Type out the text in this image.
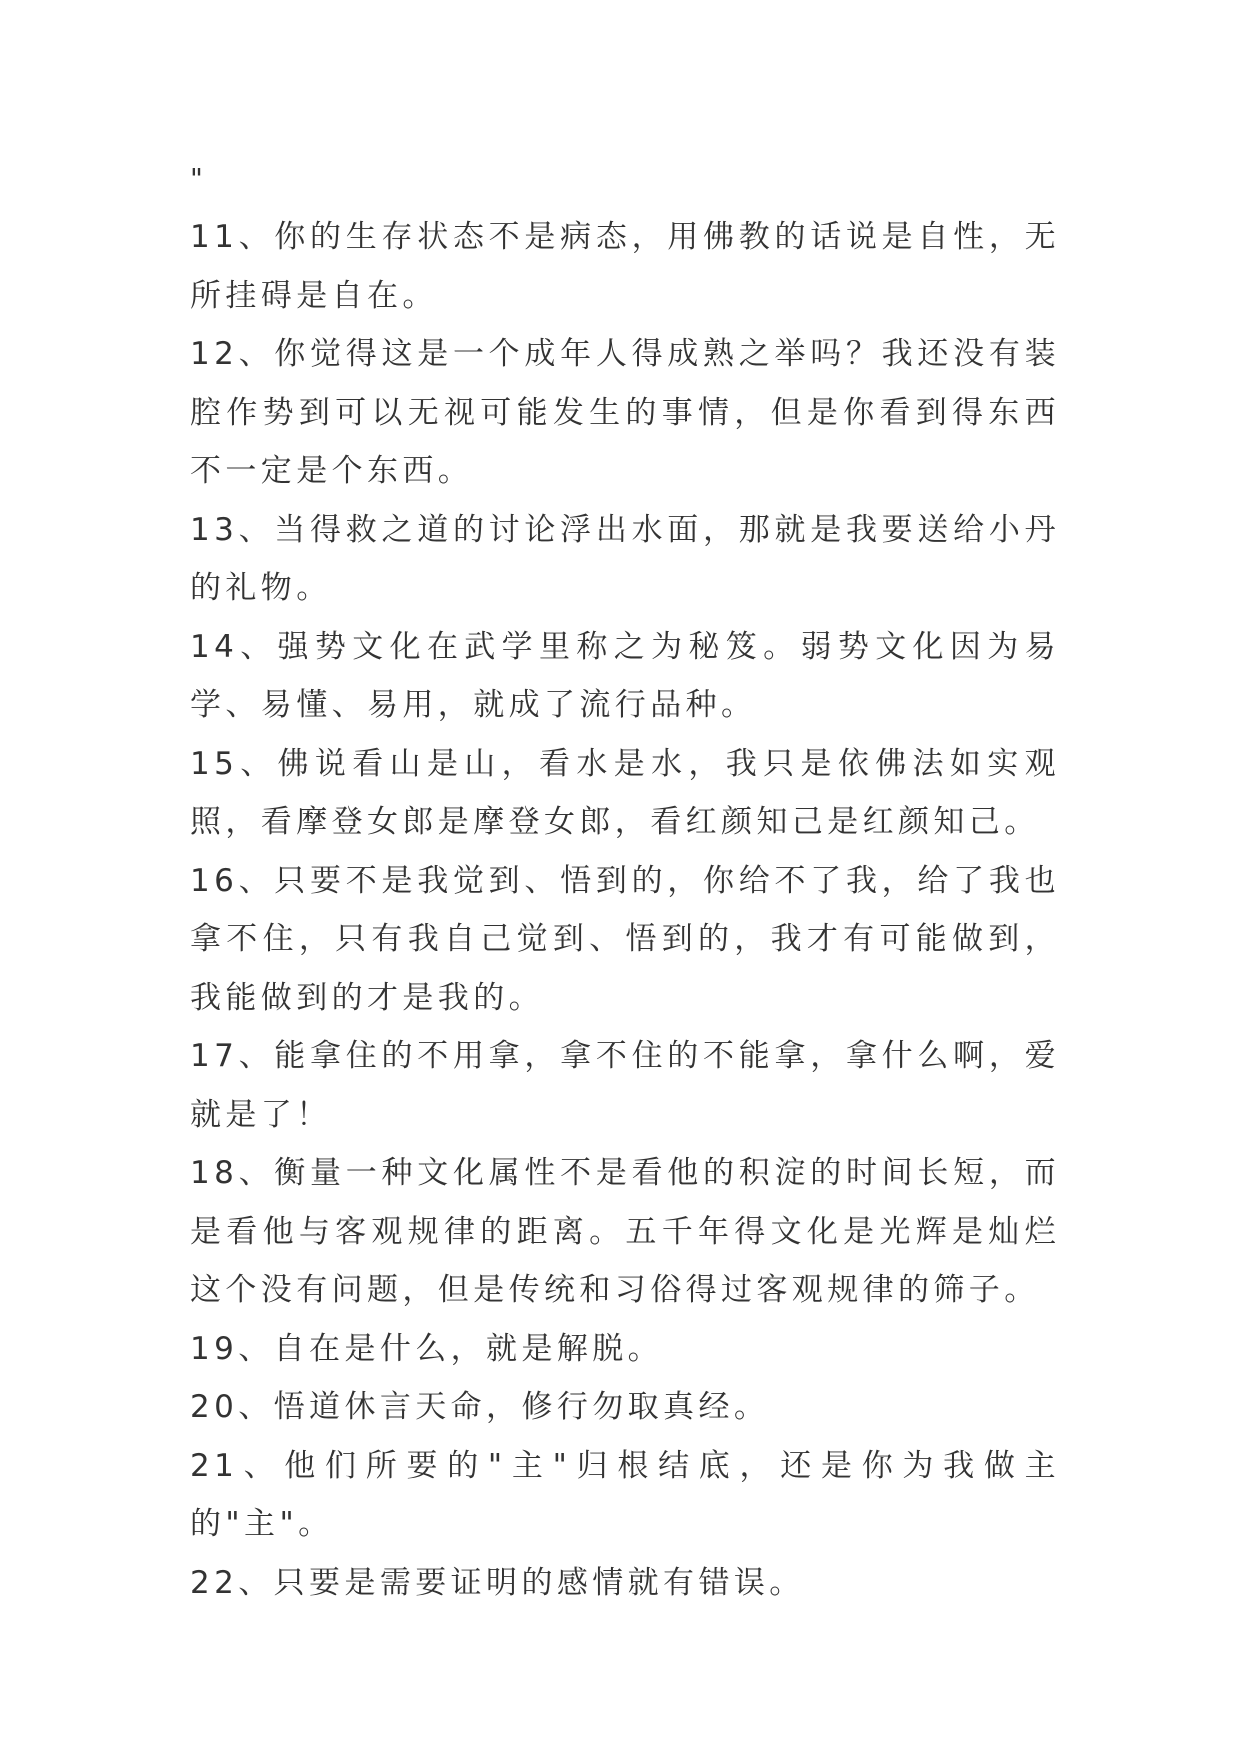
"

11、你的生存状态不是病态，用佛教的话说是自性，无所挂碍是自在。

12、你觉得这是一个成年人得成熟之举吗？我还没有装腔作势到可以无视可能发生的事情，但是你看到得东西不一定是个东西。

13、当得救之道的讨论浮出水面，那就是我要送给小丹的礼物。

14、强势文化在武学里称之为秘笈。弱势文化因为易学、易懂、易用，就成了流行品种。

15、佛说看山是山，看水是水，我只是依佛法如实观照，看摩登女郎是摩登女郎，看红颜知己是红颜知己。

16、只要不是我觉到、悟到的，你给不了我，给了我也拿不住，只有我自己觉到、悟到的，我才有可能做到，我能做到的才是我的。

17、能拿住的不用拿，拿不住的不能拿，拿什么啊，爱就是了！

18、衡量一种文化属性不是看他的积淀的时间长短，而是看他与客观规律的距离。五千年得文化是光辉是灿烂这个没有问题，但是传统和习俗得过客观规律的筛子。

19、自在是什么，就是解脱。

20、悟道休言天命，修行勿取真经。

21、他们所要的"主"归根结底，还是你为我做主的"主"。

22、只要是需要证明的感情就有错误。
